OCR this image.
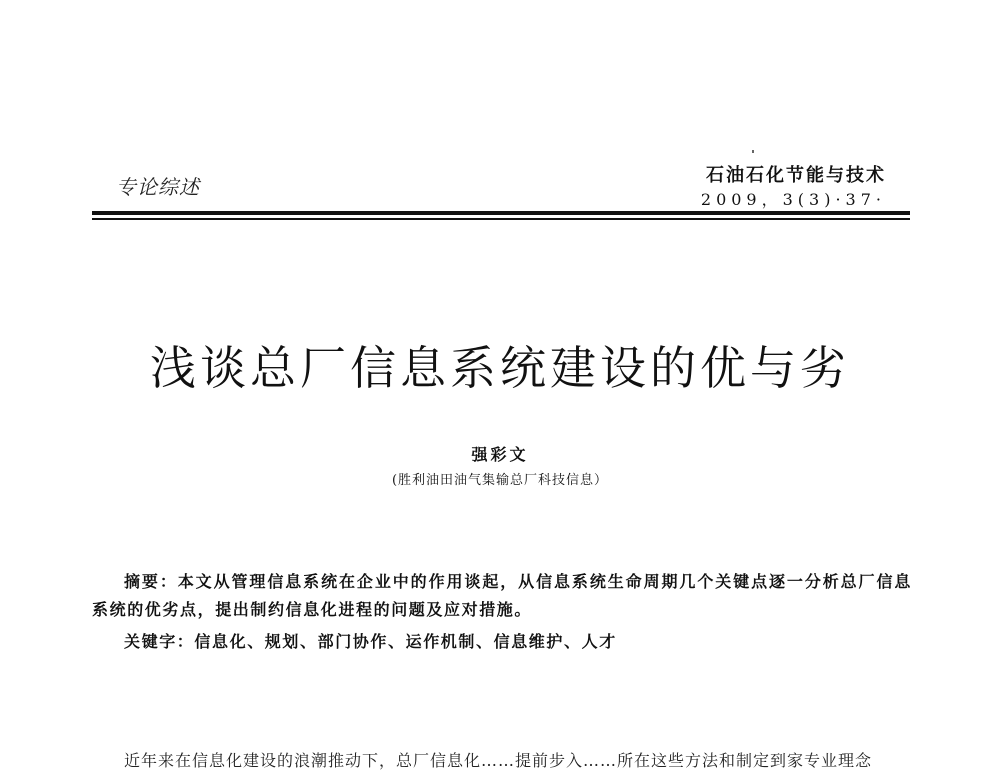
专论综述	石油石化节能与技术
2009，3(3)·37·
浅谈总厂信息系统建设的优与劣
强彩文
(胜利油田油气集输总厂科技信息）

摘要：本文从管理信息系统在企业中的作用谈起，从信息系统生命周期几个关键点逐一分析总厂信息系统的优劣点，提出制约信息化进程的问题及应对措施。

关键字：信息化、规划、部门协作、运作机制、信息维护、人才

近年来在信息化建设的浪潮推动下，总厂信息化……提前步入……所在这些方法和制定到家专业理念
